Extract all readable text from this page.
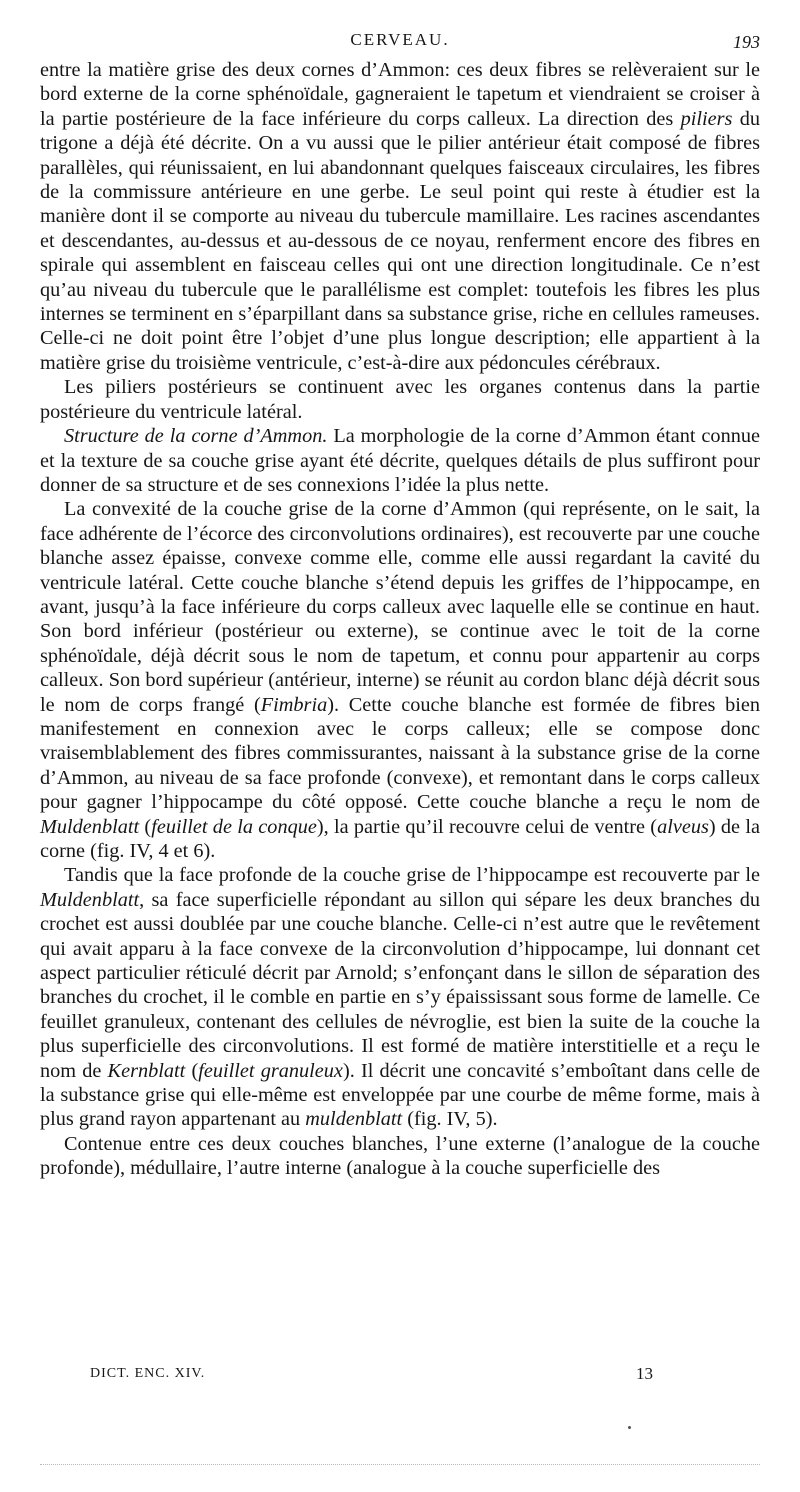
CERVEAU.	193

entre la matière grise des deux cornes d’Ammon: ces deux fibres se relèveraient sur le bord externe de la corne sphénoïdale, gagneraient le tapetum et viendraient se croiser à la partie postérieure de la face inférieure du corps calleux. La direction des piliers du trigone a déjà été décrite. On a vu aussi que le pilier antérieur était composé de fibres parallèles, qui réunissaient, en lui abandonnant quelques faisceaux circulaires, les fibres de la commissure antérieure en une gerbe. Le seul point qui reste à étudier est la manière dont il se comporte au niveau du tubercule mamillaire. Les racines ascendantes et descendantes, au-dessus et au-dessous de ce noyau, renferment encore des fibres en spirale qui assemblent en faisceau celles qui ont une direction longitudinale. Ce n’est qu’au niveau du tubercule que le parallélisme est complet: toutefois les fibres les plus internes se terminent en s’éparpillant dans sa substance grise, riche en cellules rameuses. Celle-ci ne doit point être l’objet d’une plus longue description; elle appartient à la matière grise du troisième ventricule, c’est-à-dire aux pédoncules cérébraux.

Les piliers postérieurs se continuent avec les organes contenus dans la partie postérieure du ventricule latéral.

Structure de la corne d’Ammon. La morphologie de la corne d’Ammon étant connue et la texture de sa couche grise ayant été décrite, quelques détails de plus suffiront pour donner de sa structure et de ses connexions l’idée la plus nette.

La convexité de la couche grise de la corne d’Ammon (qui représente, on le sait, la face adhérente de l’écorce des circonvolutions ordinaires), est recouverte par une couche blanche assez épaisse, convexe comme elle, comme elle aussi regardant la cavité du ventricule latéral. Cette couche blanche s’étend depuis les griffes de l’hippocampe, en avant, jusqu’à la face inférieure du corps calleux avec laquelle elle se continue en haut. Son bord inférieur (postérieur ou externe), se continue avec le toit de la corne sphénoïdale, déjà décrit sous le nom de tapetum, et connu pour appartenir au corps calleux. Son bord supérieur (antérieur, interne) se réunit au cordon blanc déjà décrit sous le nom de corps frangé (Fimbria). Cette couche blanche est formée de fibres bien manifestement en connexion avec le corps calleux; elle se compose donc vraisemblablement des fibres commissurantes, naissant à la substance grise de la corne d’Ammon, au niveau de sa face profonde (convexe), et remontant dans le corps calleux pour gagner l’hippocampe du côté opposé. Cette couche blanche a reçu le nom de Muldenblatt (feuillet de la conque), la partie qu’il recouvre celui de ventre (alveus) de la corne (fig. IV, 4 et 6).

Tandis que la face profonde de la couche grise de l’hippocampe est recouverte par le Muldenblatt, sa face superficielle répondant au sillon qui sépare les deux branches du crochet est aussi doublée par une couche blanche. Celle-ci n’est autre que le revêtement qui avait apparu à la face convexe de la circonvolution d’hippocampe, lui donnant cet aspect particulier réticulé décrit par Arnold; s’enfonçant dans le sillon de séparation des branches du crochet, il le comble en partie en s’y épaississant sous forme de lamelle. Ce feuillet granuleux, contenant des cellules de névroglie, est bien la suite de la couche la plus superficielle des circonvolutions. Il est formé de matière interstitielle et a reçu le nom de Kernblatt (feuillet granuleux). Il décrit une concavité s’emboîtant dans celle de la substance grise qui elle-même est enveloppée par une courbe de même forme, mais à plus grand rayon appartenant au muldenblatt (fig. IV, 5).

Contenue entre ces deux couches blanches, l’une externe (l’analogue de la couche profonde), médullaire, l’autre interne (analogue à la couche superficielle des

DICT. ENC. XIV.	13
